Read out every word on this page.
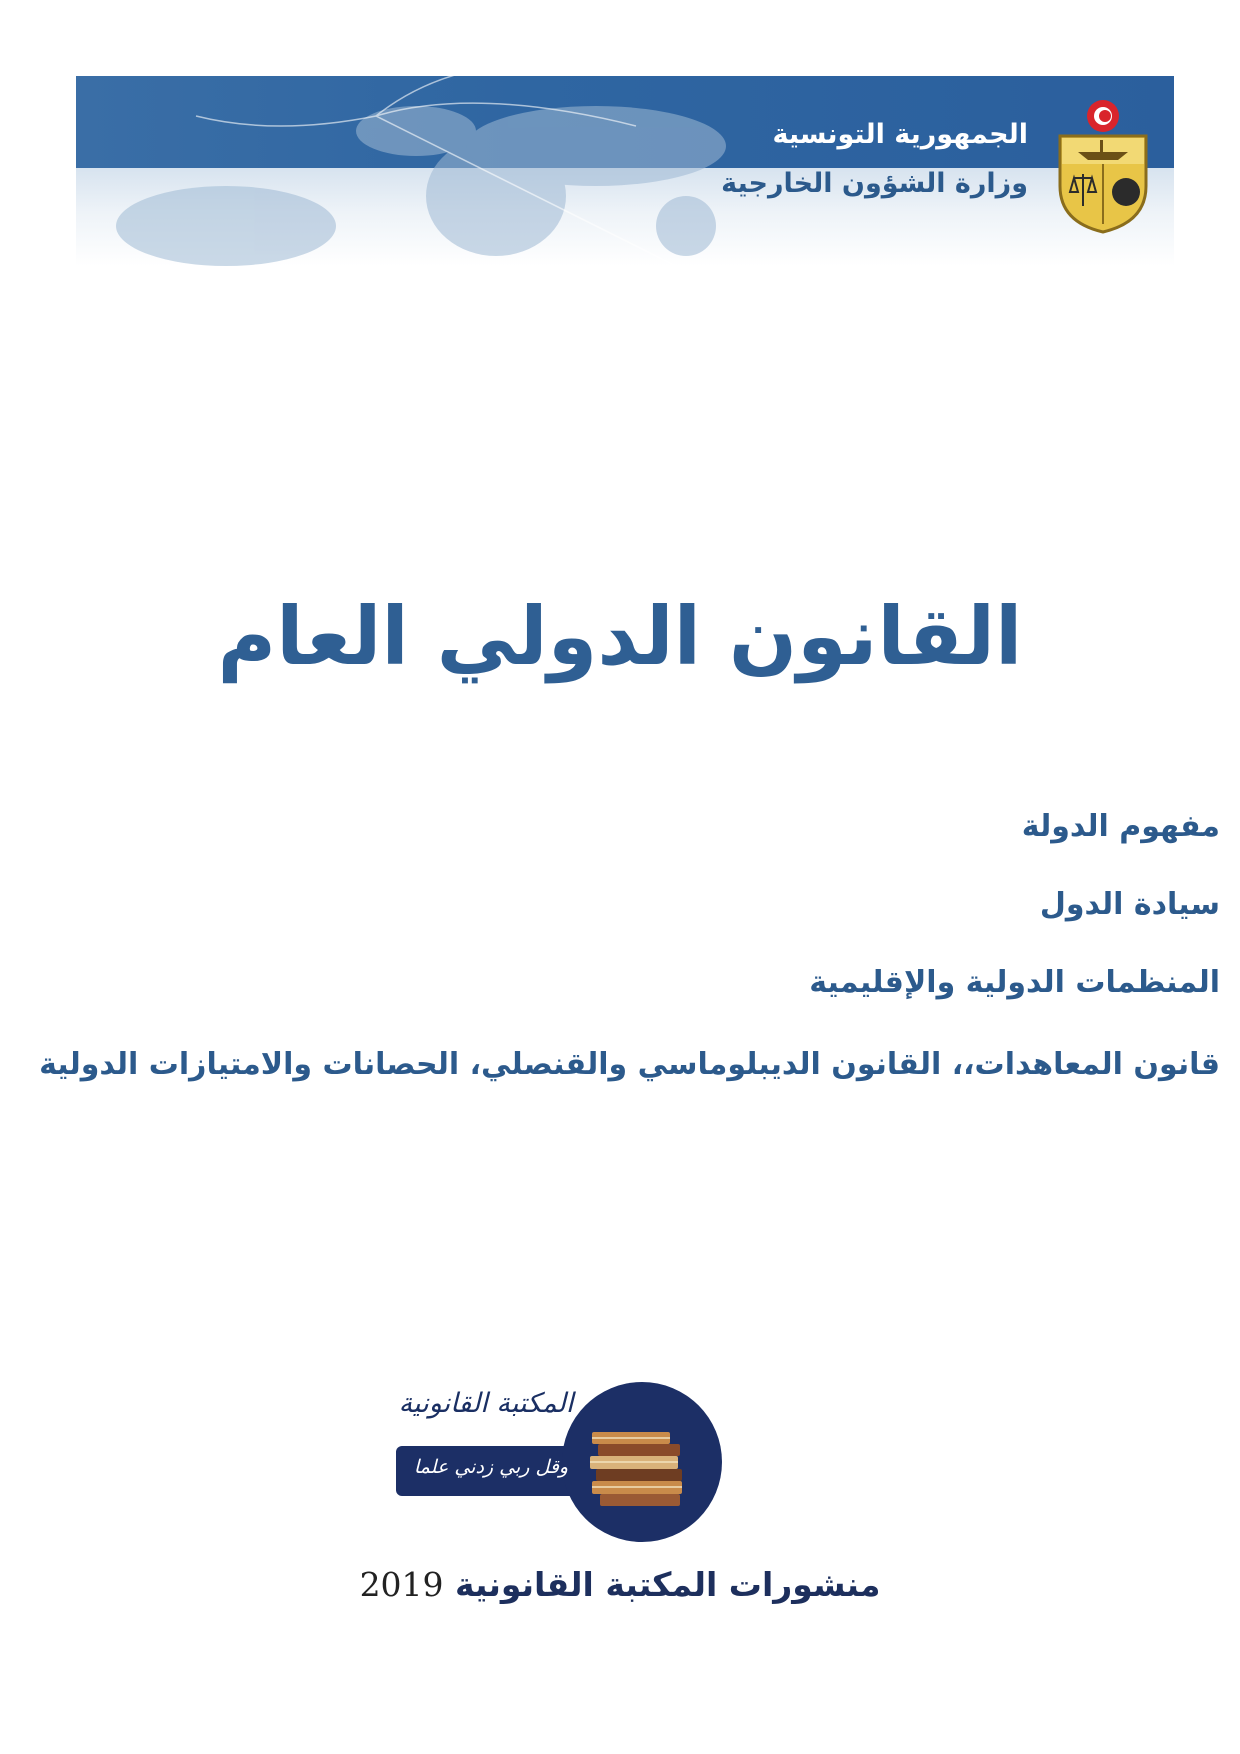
الجمهورية التونسية
وزارة الشؤون الخارجية
القانون الدولي العام
مفهوم الدولة
سيادة الدول
المنظمات الدولية والإقليمية
قانون المعاهدات،، القانون الديبلوماسي والقنصلي، الحصانات والامتيازات الدولية
المكتبة القانونية
وقل ربي زدني علما
منشورات المكتبة القانونية 2019
